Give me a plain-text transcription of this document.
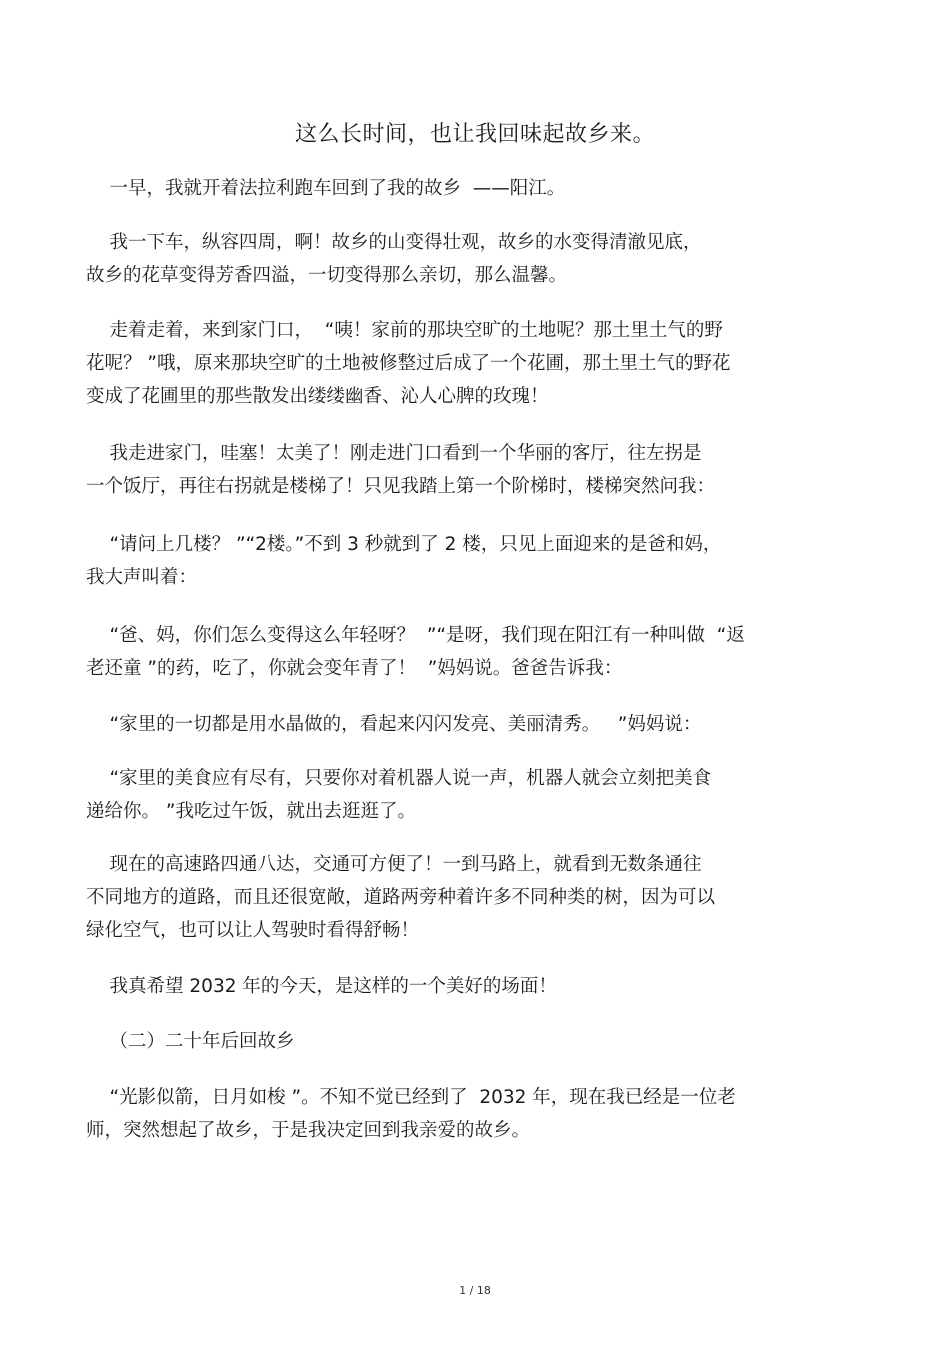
这么长时间，也让我回味起故乡来。
一早，我就开着法拉利跑车回到了我的故乡  ——阳江。
我一下车，纵容四周，啊！故乡的山变得壮观，故乡的水变得清澈见底，
故乡的花草变得芳香四溢，一切变得那么亲切，那么温馨。
走着走着，来到家门口，  “咦！家前的那块空旷的土地呢？那土里土气的野
花呢？ ”哦，原来那块空旷的土地被修整过后成了一个花圃，那土里土气的野花
变成了花圃里的那些散发出缕缕幽香、沁人心脾的玫瑰！
我走进家门，哇塞！太美了！刚走进门口看到一个华丽的客厅，往左拐是
一个饭厅，再往右拐就是楼梯了！只见我踏上第一个阶梯时，楼梯突然问我：
“请问上几楼？ ”“2楼。”不到 3 秒就到了 2 楼，只见上面迎来的是爸和妈，
我大声叫着：
“爸、妈，你们怎么变得这么年轻呀？  ”“是呀，我们现在阳江有一种叫做  “返
老还童 ”的药，吃了，你就会变年青了！  ”妈妈说。爸爸告诉我：
“家里的一切都是用水晶做的，看起来闪闪发亮、美丽清秀。   ”妈妈说：
“家里的美食应有尽有，只要你对着机器人说一声，机器人就会立刻把美食
递给你。 ”我吃过午饭，就出去逛逛了。
现在的高速路四通八达，交通可方便了！一到马路上，就看到无数条通往
不同地方的道路，而且还很宽敞，道路两旁种着许多不同种类的树，因为可以
绿化空气，也可以让人驾驶时看得舒畅！
我真希望 2032 年的今天，是这样的一个美好的场面！
（二）二十年后回故乡
“光影似箭，日月如梭 ”。不知不觉已经到了  2032 年，现在我已经是一位老
师，突然想起了故乡，于是我决定回到我亲爱的故乡。
1 / 18
